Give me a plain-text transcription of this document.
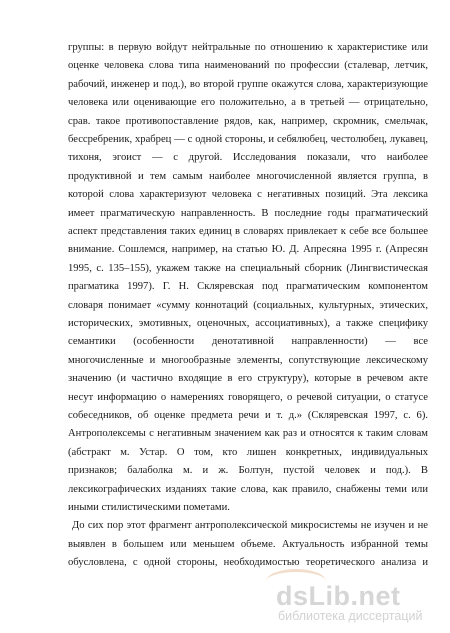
группы: в первую войдут нейтральные по отношению к характеристике или
оценке человека слова типа наименований по профессии (сталевар, летчик,
рабочий, инженер и под.), во второй группе окажутся слова, характеризующие
человека или оценивающие его положительно, а в третьей — отрицательно,
срав. такое противопоставление рядов, как, например, скромник, смельчак,
бессребреник, храбрец — с одной стороны, и себялюбец, честолюбец, лукавец,
тихоня, эгоист — с другой. Исследования показали, что наиболее
продуктивной и тем самым наиболее многочисленной является группа, в
которой слова характеризуют человека с негативных позиций. Эта лексика
имеет прагматическую направленность. В последние годы прагматический
аспект представления таких единиц в словарях привлекает к себе все большее
внимание. Сошлемся, например, на статью Ю. Д. Апресяна 1995 г. (Апресян
1995, с. 135–155), укажем также на специальный сборник (Лингвистическая
прагматика 1997). Г. Н. Скляревская под прагматическим компонентом
словаря понимает «сумму коннотаций (социальных, культурных, этических,
исторических, эмотивных, оценочных, ассоциативных), а также специфику
семантики (особенности денотативной направленности) — все
многочисленные и многообразные элементы, сопутствующие лексическому
значению (и частично входящие в его структуру), которые в речевом акте
несут информацию о намерениях говорящего, о речевой ситуации, о статусе
собеседников, об оценке предмета речи и т. д.» (Скляревская 1997, с. 6).
Антрополексемы с негативным значением как раз и относятся к таким словам
(абстракт м. Устар. О том, кто лишен конкретных, индивидуальных
признаков; балаболка м. и ж. Болтун, пустой человек и под.). В
лексикографических изданиях такие слова, как правило, снабжены теми или
иными стилистическими пометами.
До сих пор этот фрагмент антрополексической микросистемы не изучен и не
выявлен в большем или меньшем объеме. Актуальность избранной темы
обусловлена, с одной стороны, необходимостью теоретического анализа и
dsLib.net
библиотека диссертаций
